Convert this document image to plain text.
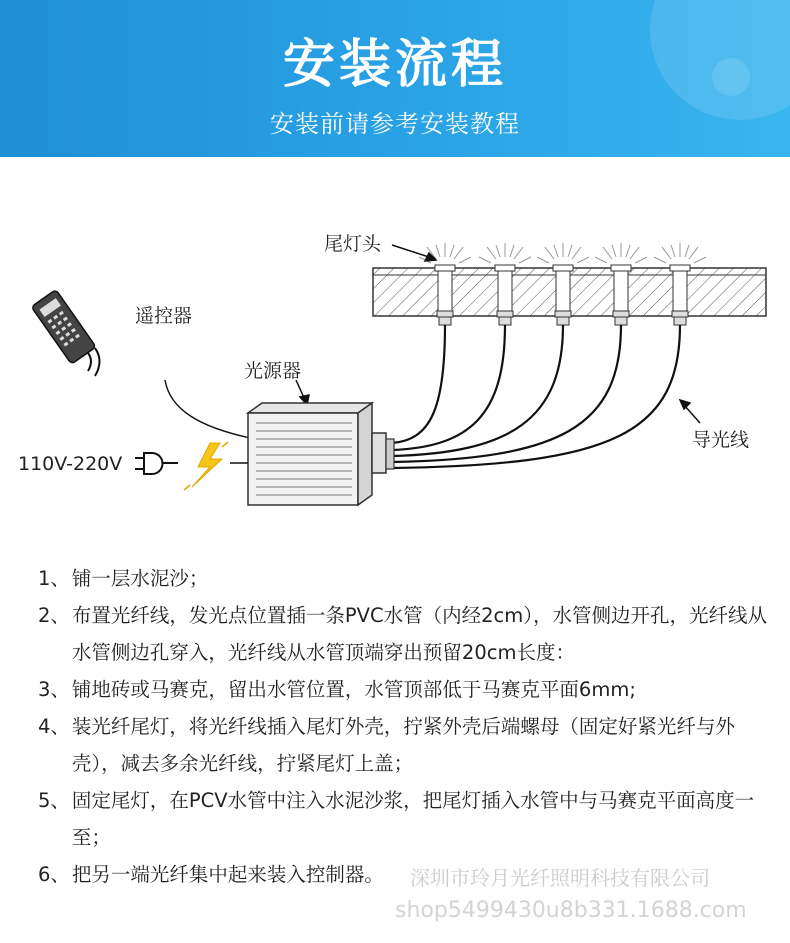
安装流程
安装前请参考安装教程
尾灯头
遥控器
光源器
110V-220V
导光线
1、 铺一层水泥沙；
2、 布置光纤线，发光点位置插一条PVC水管（内经2cm），水管侧边开孔，光纤线从水管侧边孔穿入，光纤线从水管顶端穿出预留20cm长度：
3、 铺地砖或马赛克，留出水管位置，水管顶部低于马赛克平面6mm;
4、 装光纤尾灯，将光纤线插入尾灯外壳，拧紧外壳后端螺母（固定好紧光纤与外壳），减去多余光纤线，拧紧尾灯上盖；
5、 固定尾灯，在PCV水管中注入水泥沙浆，把尾灯插入水管中与马赛克平面高度一至；
6、 把另一端光纤集中起来装入控制器。	深圳市玲月光纤照明科技有限公司
shop5499430u8b331.1688.com
